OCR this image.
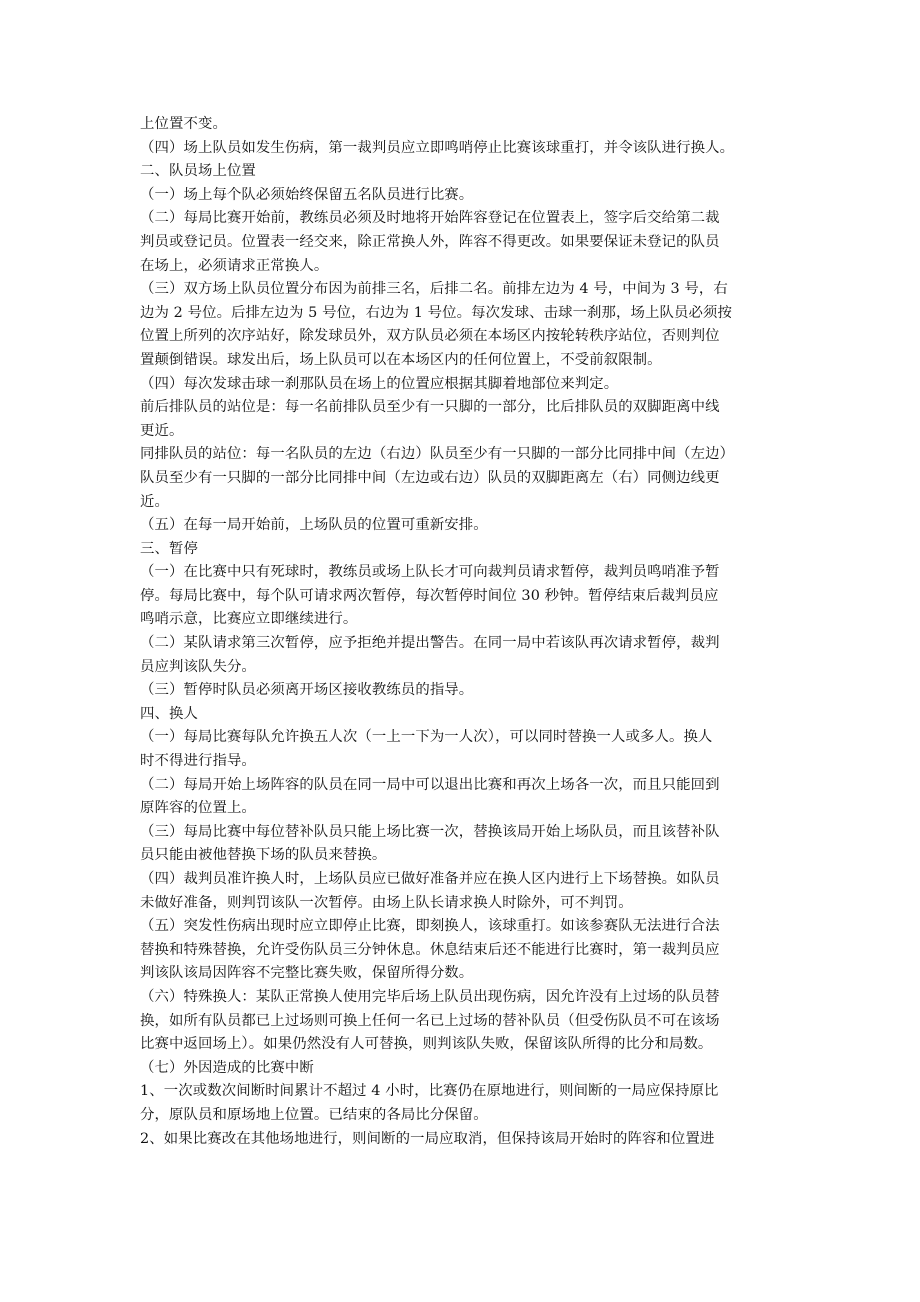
上位置不变。
（四）场上队员如发生伤病，第一裁判员应立即鸣哨停止比赛该球重打，并令该队进行换人。
二、队员场上位置
（一）场上每个队必须始终保留五名队员进行比赛。
（二）每局比赛开始前，教练员必须及时地将开始阵容登记在位置表上，签字后交给第二裁
判员或登记员。位置表一经交来，除正常换人外，阵容不得更改。如果要保证未登记的队员
在场上，必须请求正常换人。
（三）双方场上队员位置分布因为前排三名，后排二名。前排左边为 4 号，中间为 3 号，右
边为 2 号位。后排左边为 5 号位，右边为 1 号位。每次发球、击球一刹那，场上队员必须按
位置上所列的次序站好，除发球员外，双方队员必须在本场区内按轮转秩序站位，否则判位
置颠倒错误。球发出后，场上队员可以在本场区内的任何位置上，不受前叙限制。
（四）每次发球击球一刹那队员在场上的位置应根据其脚着地部位来判定。
前后排队员的站位是：每一名前排队员至少有一只脚的一部分，比后排队员的双脚距离中线
更近。
同排队员的站位：每一名队员的左边（右边）队员至少有一只脚的一部分比同排中间（左边）
队员至少有一只脚的一部分比同排中间（左边或右边）队员的双脚距离左（右）同侧边线更
近。
（五）在每一局开始前，上场队员的位置可重新安排。
三、暂停
（一）在比赛中只有死球时，教练员或场上队长才可向裁判员请求暂停，裁判员鸣哨准予暂
停。每局比赛中，每个队可请求两次暂停，每次暂停时间位 30 秒钟。暂停结束后裁判员应
鸣哨示意，比赛应立即继续进行。
（二）某队请求第三次暂停，应予拒绝并提出警告。在同一局中若该队再次请求暂停，裁判
员应判该队失分。
（三）暂停时队员必须离开场区接收教练员的指导。
四、换人
（一）每局比赛每队允许换五人次（一上一下为一人次），可以同时替换一人或多人。换人
时不得进行指导。
（二）每局开始上场阵容的队员在同一局中可以退出比赛和再次上场各一次，而且只能回到
原阵容的位置上。
（三）每局比赛中每位替补队员只能上场比赛一次，替换该局开始上场队员，而且该替补队
员只能由被他替换下场的队员来替换。
（四）裁判员准许换人时，上场队员应已做好准备并应在换人区内进行上下场替换。如队员
未做好准备，则判罚该队一次暂停。由场上队长请求换人时除外，可不判罚。
（五）突发性伤病出现时应立即停止比赛，即刻换人，该球重打。如该参赛队无法进行合法
替换和特殊替换，允许受伤队员三分钟休息。休息结束后还不能进行比赛时，第一裁判员应
判该队该局因阵容不完整比赛失败，保留所得分数。
（六）特殊换人：某队正常换人使用完毕后场上队员出现伤病，因允许没有上过场的队员替
换，如所有队员都已上过场则可换上任何一名已上过场的替补队员（但受伤队员不可在该场
比赛中返回场上）。如果仍然没有人可替换，则判该队失败，保留该队所得的比分和局数。
（七）外因造成的比赛中断
1、一次或数次间断时间累计不超过 4 小时，比赛仍在原地进行，则间断的一局应保持原比
分，原队员和原场地上位置。已结束的各局比分保留。
2、如果比赛改在其他场地进行，则间断的一局应取消，但保持该局开始时的阵容和位置进
